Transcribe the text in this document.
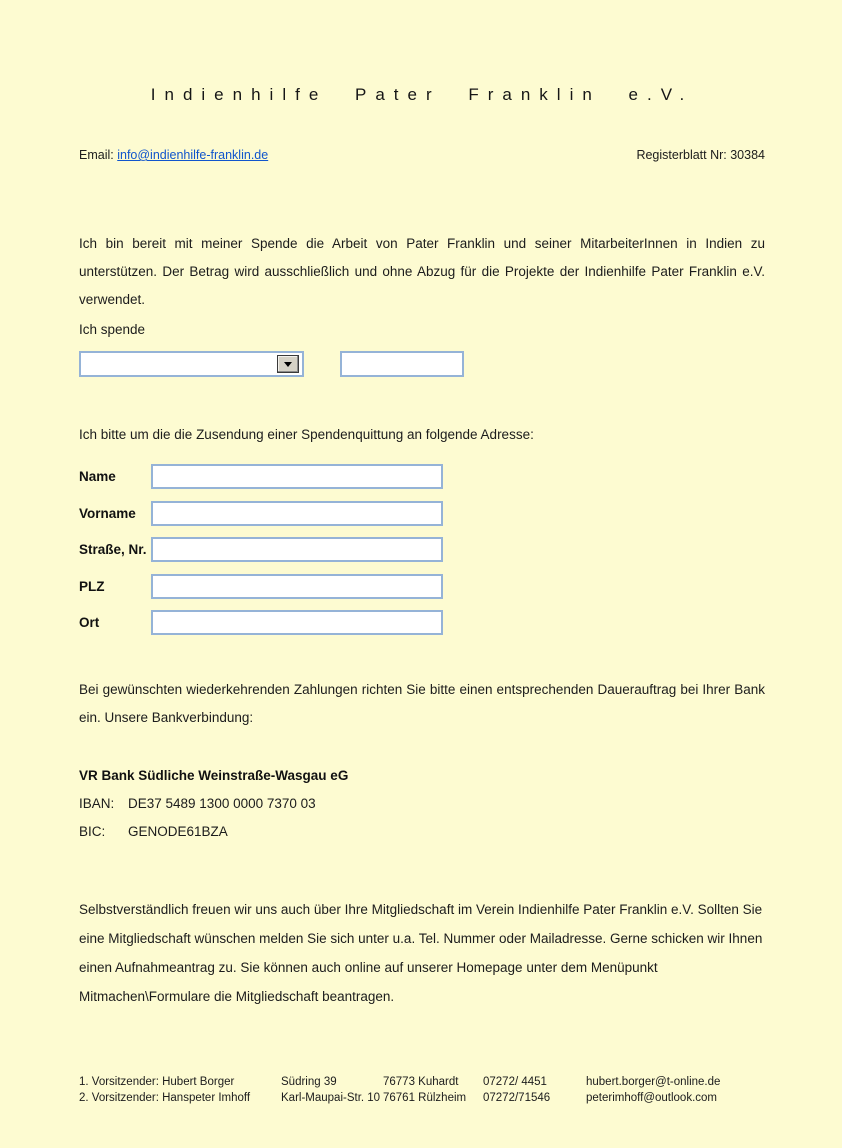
Indienhilfe Pater Franklin e.V.
Email: info@indienhilfe-franklin.de	Registerblatt Nr: 30384

Ich bin bereit mit meiner Spende die Arbeit von Pater Franklin und seiner MitarbeiterInnen in Indien zu unterstützen. Der Betrag wird ausschließlich und ohne Abzug für die Projekte der Indienhilfe Pater Franklin e.V. verwendet.

Ich spende

Ich bitte um die die Zusendung einer Spendenquittung an folgende Adresse:

Name
Vorname
Straße, Nr.
PLZ
Ort

Bei gewünschten wiederkehrenden Zahlungen richten Sie bitte einen entsprechenden Dauerauftrag bei Ihrer Bank ein. Unsere Bankverbindung:

VR Bank Südliche Weinstraße-Wasgau eG
IBAN:	DE37 5489 1300 0000 7370 03
BIC:	GENODE61BZA

Selbstverständlich freuen wir uns auch über Ihre Mitgliedschaft im Verein Indienhilfe Pater Franklin e.V. Sollten Sie eine Mitgliedschaft wünschen melden Sie sich unter u.a. Tel. Nummer oder Mailadresse. Gerne schicken wir Ihnen einen Aufnahmeantrag zu. Sie können auch online auf unserer Homepage unter dem Menüpunkt Mitmachen\Formulare die Mitgliedschaft beantragen.

1. Vorsitzender: Hubert Borger	Südring 39	76773 Kuhardt	07272/ 4451	hubert.borger@t-online.de
2. Vorsitzender: Hanspeter Imhoff	Karl-Maupai-Str. 10 76761 Rülzheim	07272/71546	peterimhoff@outlook.com
